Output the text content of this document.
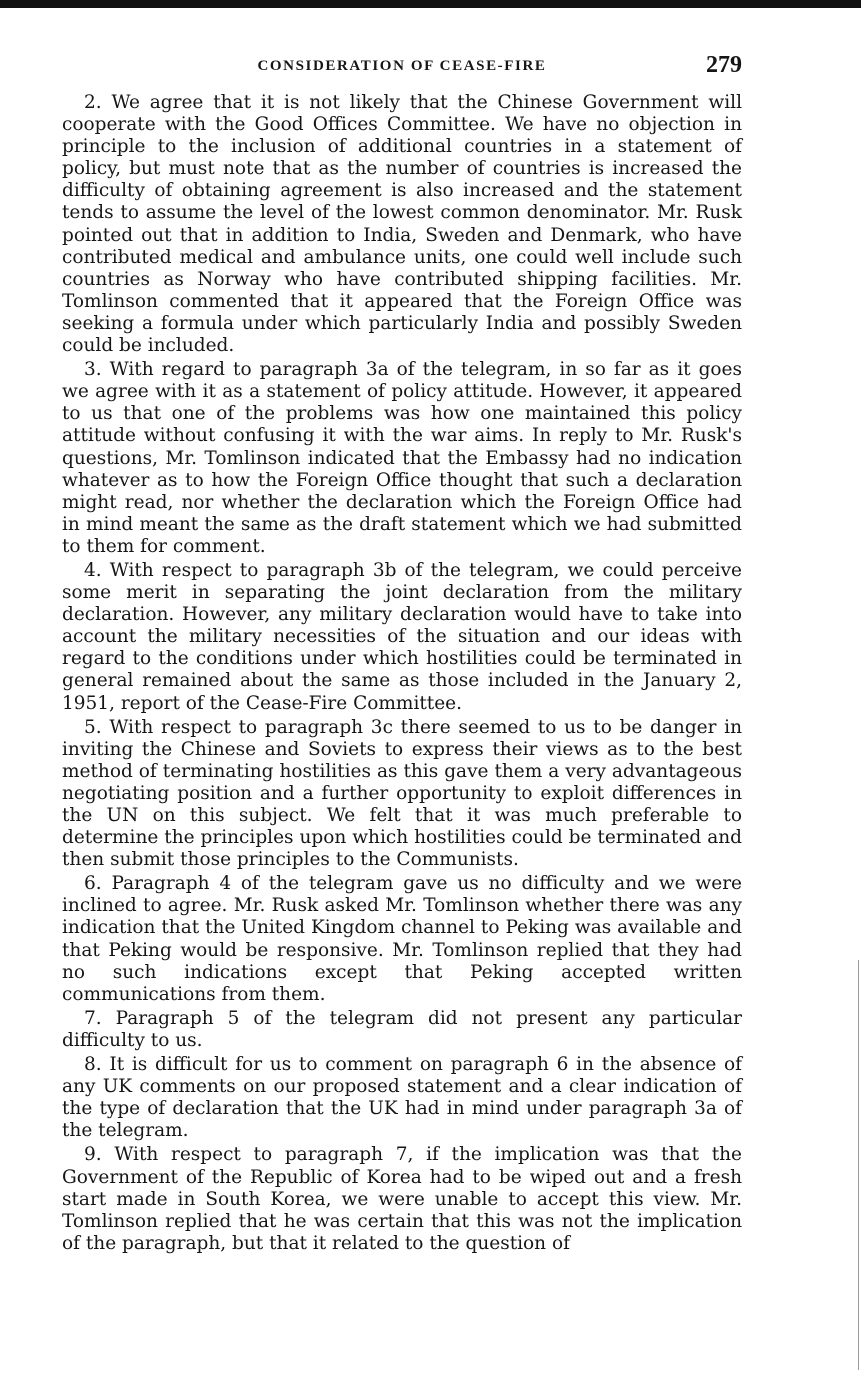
CONSIDERATION OF CEASE-FIRE	279

2. We agree that it is not likely that the Chinese Government will cooperate with the Good Offices Committee. We have no objection in principle to the inclusion of additional countries in a statement of policy, but must note that as the number of countries is increased the difficulty of obtaining agreement is also increased and the statement tends to assume the level of the lowest common denominator. Mr. Rusk pointed out that in addition to India, Sweden and Denmark, who have contributed medical and ambulance units, one could well include such countries as Norway who have contributed shipping facilities. Mr. Tomlinson commented that it appeared that the Foreign Office was seeking a formula under which particularly India and possibly Sweden could be included.

3. With regard to paragraph 3a of the telegram, in so far as it goes we agree with it as a statement of policy attitude. However, it appeared to us that one of the problems was how one maintained this policy attitude without confusing it with the war aims. In reply to Mr. Rusk's questions, Mr. Tomlinson indicated that the Embassy had no indication whatever as to how the Foreign Office thought that such a declaration might read, nor whether the declaration which the Foreign Office had in mind meant the same as the draft statement which we had submitted to them for comment.

4. With respect to paragraph 3b of the telegram, we could perceive some merit in separating the joint declaration from the military declaration. However, any military declaration would have to take into account the military necessities of the situation and our ideas with regard to the conditions under which hostilities could be terminated in general remained about the same as those included in the January 2, 1951, report of the Cease-Fire Committee.

5. With respect to paragraph 3c there seemed to us to be danger in inviting the Chinese and Soviets to express their views as to the best method of terminating hostilities as this gave them a very advantageous negotiating position and a further opportunity to exploit differences in the UN on this subject. We felt that it was much preferable to determine the principles upon which hostilities could be terminated and then submit those principles to the Communists.

6. Paragraph 4 of the telegram gave us no difficulty and we were inclined to agree. Mr. Rusk asked Mr. Tomlinson whether there was any indication that the United Kingdom channel to Peking was available and that Peking would be responsive. Mr. Tomlinson replied that they had no such indications except that Peking accepted written communications from them.

7. Paragraph 5 of the telegram did not present any particular difficulty to us.

8. It is difficult for us to comment on paragraph 6 in the absence of any UK comments on our proposed statement and a clear indication of the type of declaration that the UK had in mind under paragraph 3a of the telegram.

9. With respect to paragraph 7, if the implication was that the Government of the Republic of Korea had to be wiped out and a fresh start made in South Korea, we were unable to accept this view. Mr. Tomlinson replied that he was certain that this was not the implication of the paragraph, but that it related to the question of
